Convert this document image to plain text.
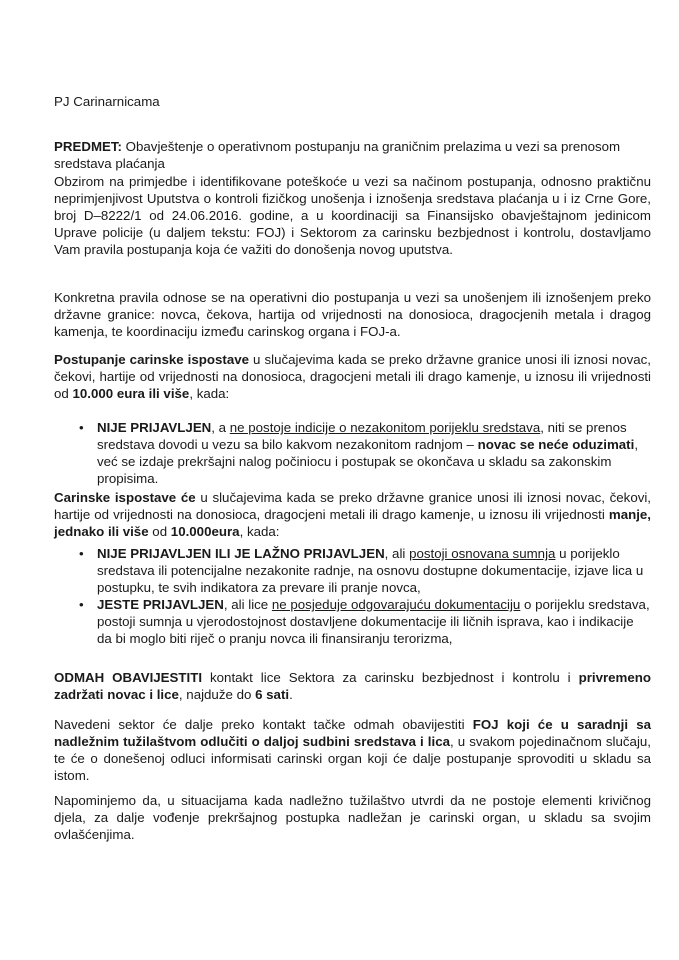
PJ Carinarnicama

PREDMET: Obavještenje o operativnom postupanju na graničnim prelazima u vezi sa prenosom sredstava plaćanja

Obzirom na primjedbe i identifikovane poteškoće u vezi sa načinom postupanja, odnosno praktičnu neprimjenjivost Uputstva o kontroli fizičkog unošenja i iznošenja sredstava plaćanja u i iz Crne Gore, broj D–8222/1 od 24.06.2016. godine, a u koordinaciji sa Finansijsko obavještajnom jedinicom Uprave policije (u daljem tekstu: FOJ) i Sektorom za carinsku bezbjednost i kontrolu, dostavljamo Vam pravila postupanja koja će važiti do donošenja novog uputstva.

Konkretna pravila odnose se na operativni dio postupanja u vezi sa unošenjem ili iznošenjem preko državne granice: novca, čekova, hartija od vrijednosti na donosioca, dragocjenih metala i dragog kamenja, te koordinaciju između carinskog organa i FOJ-a.

Postupanje carinske ispostave u slučajevima kada se preko državne granice unosi ili iznosi novac, čekovi, hartije od vrijednosti na donosioca, dragocjeni metali ili drago kamenje, u iznosu ili vrijednosti od 10.000 eura ili više, kada:

• NIJE PRIJAVLJEN, a ne postoje indicije o nezakonitom porijeklu sredstava, niti se prenos sredstava dovodi u vezu sa bilo kakvom nezakonitom radnjom – novac se neće oduzimati, već se izdaje prekršajni nalog počiniocu i postupak se okončava u skladu sa zakonskim propisima.

Carinske ispostave će u slučajevima kada se preko državne granice unosi ili iznosi novac, čekovi, hartije od vrijednosti na donosioca, dragocjeni metali ili drago kamenje, u iznosu ili vrijednosti manje, jednako ili više od 10.000eura, kada:

• NIJE PRIJAVLJEN ILI JE LAŽNO PRIJAVLJEN, ali postoji osnovana sumnja u porijeklo sredstava ili potencijalne nezakonite radnje, na osnovu dostupne dokumentacije, izjave lica u postupku, te svih indikatora za prevare ili pranje novca,
• JESTE PRIJAVLJEN, ali lice ne posjeduje odgovarajuću dokumentaciju o porijeklu sredstava, postoji sumnja u vjerodostojnost dostavljene dokumentacije ili ličnih isprava, kao i indikacije da bi moglo biti riječ o pranju novca ili finansiranju terorizma,

ODMAH OBAVIJESTITI kontakt lice Sektora za carinsku bezbjednost i kontrolu i privremeno zadržati novac i lice, najduže do 6 sati.

Navedeni sektor će dalje preko kontakt tačke odmah obavijestiti FOJ koji će u saradnji sa nadležnim tužilaštvom odlučiti o daljoj sudbini sredstava i lica, u svakom pojedinačnom slučaju, te će o donešenoj odluci informisati carinski organ koji će dalje postupanje sprovoditi u skladu sa istom.

Napominjemo da, u situacijama kada nadležno tužilaštvo utvrdi da ne postoje elementi krivičnog djela, za dalje vođenje prekršajnog postupka nadležan je carinski organ, u skladu sa svojim ovlašćenjima.
